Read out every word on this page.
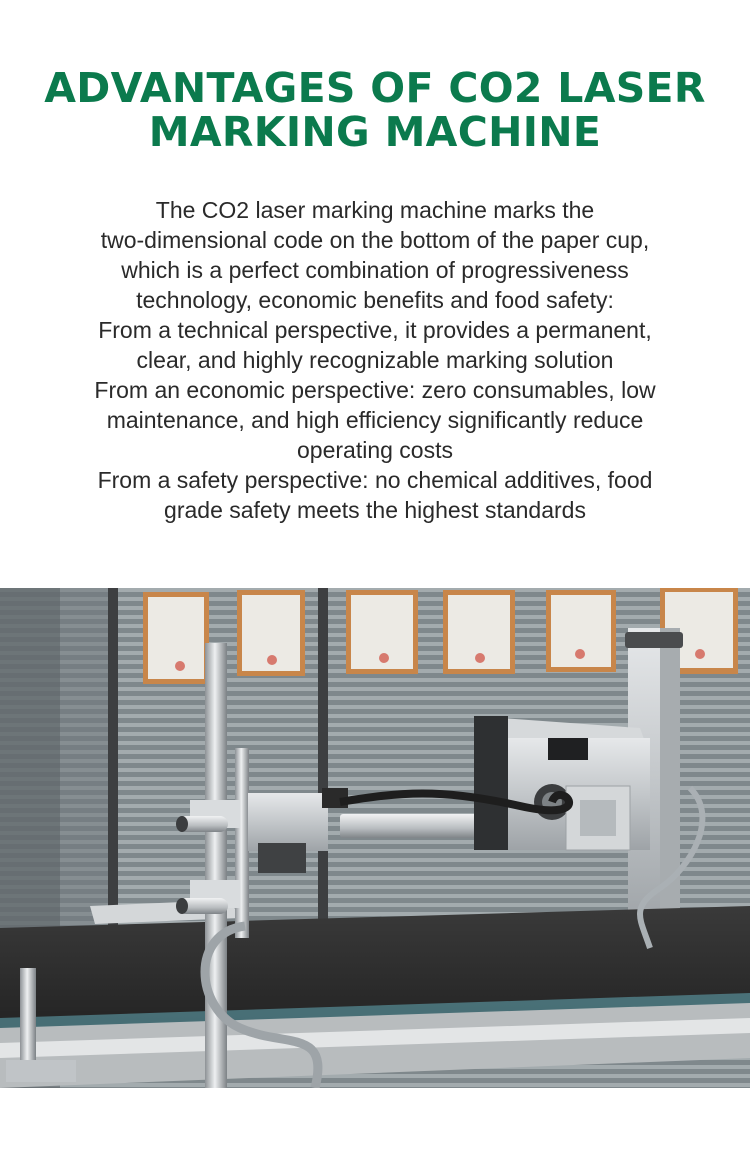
ADVANTAGES OF CO2 LASER
MARKING MACHINE
The CO2 laser marking machine marks the
two-dimensional code on the bottom of the paper cup,
which is a perfect combination of progressiveness
technology, economic benefits and food safety:
From a technical perspective, it provides a permanent,
clear, and highly recognizable marking solution
From an economic perspective: zero consumables, low
maintenance, and high efficiency significantly reduce
operating costs
From a safety perspective: no chemical additives, food
grade safety meets the highest standards
